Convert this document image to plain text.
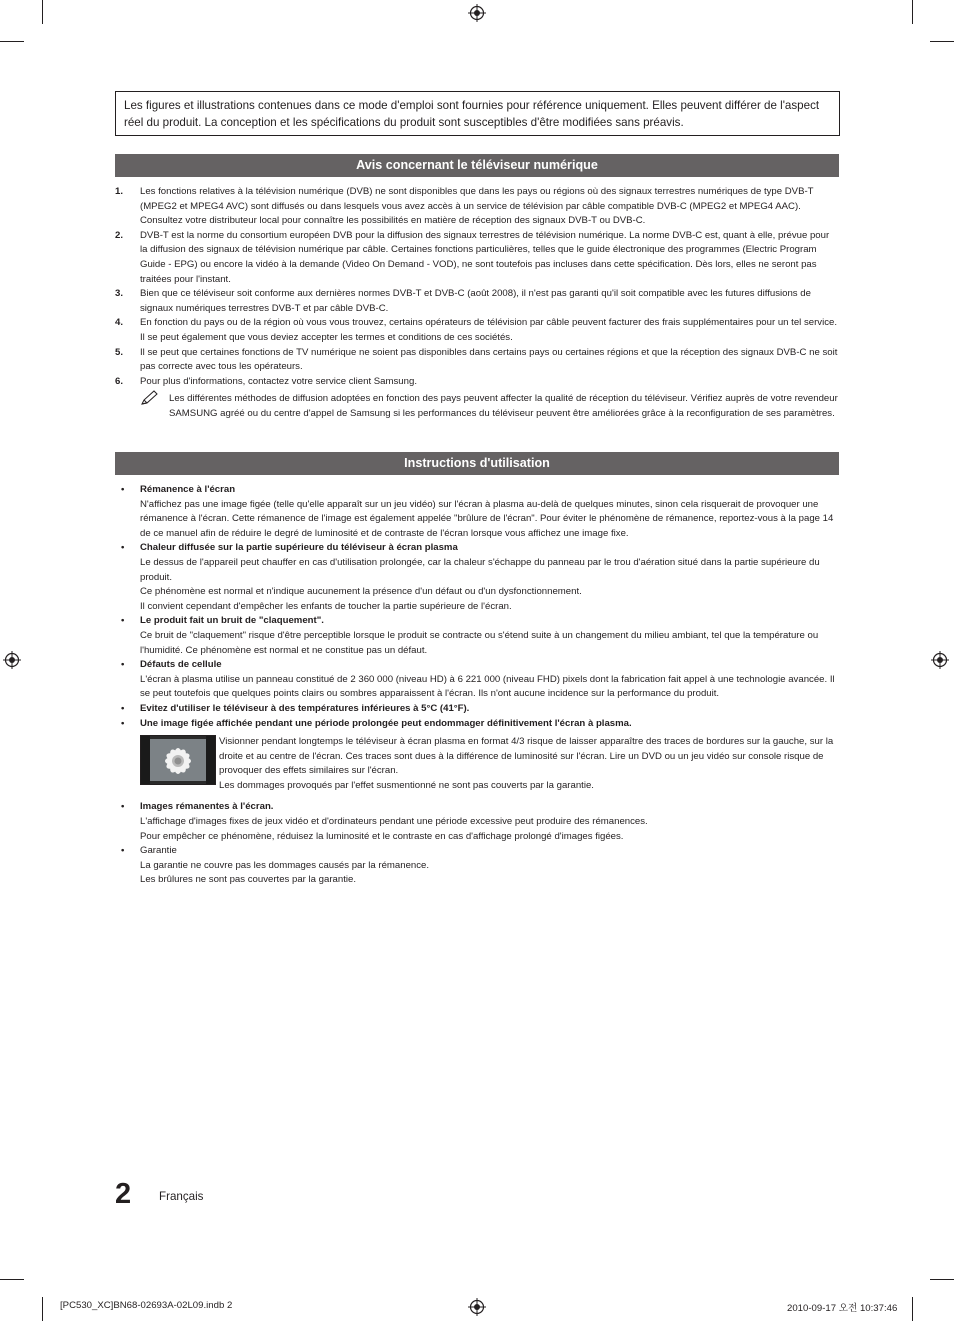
Les figures et illustrations contenues dans ce mode d'emploi sont fournies pour référence uniquement. Elles peuvent différer de l'aspect réel du produit. La conception et les spécifications du produit sont susceptibles d'être modifiées sans préavis.
Avis concernant le téléviseur numérique
1. Les fonctions relatives à la télévision numérique (DVB) ne sont disponibles que dans les pays ou régions où des signaux terrestres numériques de type DVB-T (MPEG2 et MPEG4 AVC) sont diffusés ou dans lesquels vous avez accès à un service de télévision par câble compatible DVB-C (MPEG2 et MPEG4 AAC). Consultez votre distributeur local pour connaître les possibilités en matière de réception des signaux DVB-T ou DVB-C.
2. DVB-T est la norme du consortium européen DVB pour la diffusion des signaux terrestres de télévision numérique. La norme DVB-C est, quant à elle, prévue pour la diffusion des signaux de télévision numérique par câble. Certaines fonctions particulières, telles que le guide électronique des programmes (Electric Program Guide - EPG) ou encore la vidéo à la demande (Video On Demand - VOD), ne sont toutefois pas incluses dans cette spécification. Dès lors, elles ne seront pas traitées pour l'instant.
3. Bien que ce téléviseur soit conforme aux dernières normes DVB-T et DVB-C (août 2008), il n'est pas garanti qu'il soit compatible avec les futures diffusions de signaux numériques terrestres DVB-T et par câble DVB-C.
4. En fonction du pays ou de la région où vous vous trouvez, certains opérateurs de télévision par câble peuvent facturer des frais supplémentaires pour un tel service. Il se peut également que vous deviez accepter les termes et conditions de ces sociétés.
5. Il se peut que certaines fonctions de TV numérique ne soient pas disponibles dans certains pays ou certaines régions et que la réception des signaux DVB-C ne soit pas correcte avec tous les opérateurs.
6. Pour plus d'informations, contactez votre service client Samsung.
Les différentes méthodes de diffusion adoptées en fonction des pays peuvent affecter la qualité de réception du téléviseur. Vérifiez auprès de votre revendeur SAMSUNG agréé ou du centre d'appel de Samsung si les performances du téléviseur peuvent être améliorées grâce à la reconfiguration de ses paramètres.
Instructions d'utilisation
• Rémanence à l'écran
N'affichez pas une image figée (telle qu'elle apparaît sur un jeu vidéo) sur l'écran à plasma au-delà de quelques minutes, sinon cela risquerait de provoquer une rémanence à l'écran. Cette rémanence de l'image est également appelée "brûlure de l'écran". Pour éviter le phénomène de rémanence, reportez-vous à la page 14 de ce manuel afin de réduire le degré de luminosité et de contraste de l'écran lorsque vous affichez une image fixe.
• Chaleur diffusée sur la partie supérieure du téléviseur à écran plasma
Le dessus de l'appareil peut chauffer en cas d'utilisation prolongée, car la chaleur s'échappe du panneau par le trou d'aération situé dans la partie supérieure du produit.
Ce phénomène est normal et n'indique aucunement la présence d'un défaut ou d'un dysfonctionnement.
Il convient cependant d'empêcher les enfants de toucher la partie supérieure de l'écran.
• Le produit fait un bruit de "claquement".
Ce bruit de "claquement" risque d'être perceptible lorsque le produit se contracte ou s'étend suite à un changement du milieu ambiant, tel que la température ou l'humidité. Ce phénomène est normal et ne constitue pas un défaut.
• Défauts de cellule
L'écran à plasma utilise un panneau constitué de 2 360 000 (niveau HD) à 6 221 000 (niveau FHD) pixels dont la fabrication fait appel à une technologie avancée. Il se peut toutefois que quelques points clairs ou sombres apparaissent à l'écran. Ils n'ont aucune incidence sur la performance du produit.
• Evitez d'utiliser le téléviseur à des températures inférieures à 5°C (41°F).
• Une image figée affichée pendant une période prolongée peut endommager définitivement l'écran à plasma.
Visionner pendant longtemps le téléviseur à écran plasma en format 4/3 risque de laisser apparaître des traces de bordures sur la gauche, sur la droite et au centre de l'écran. Ces traces sont dues à la différence de luminosité sur l'écran. Lire un DVD ou un jeu vidéo sur console risque de provoquer des effets similaires sur l'écran.
Les dommages provoqués par l'effet susmentionné ne sont pas couverts par la garantie.
• Images rémanentes à l'écran.
L'affichage d'images fixes de jeux vidéo et d'ordinateurs pendant une période excessive peut produire des rémanences.
Pour empêcher ce phénomène, réduisez la luminosité et le contraste en cas d'affichage prolongé d'images figées.
• Garantie
La garantie ne couvre pas les dommages causés par la rémanence.
Les brûlures ne sont pas couvertes par la garantie.
2 Français
[PC530_XC]BN68-02693A-02L09.indb 2	2010-09-17 오전 10:37:46
